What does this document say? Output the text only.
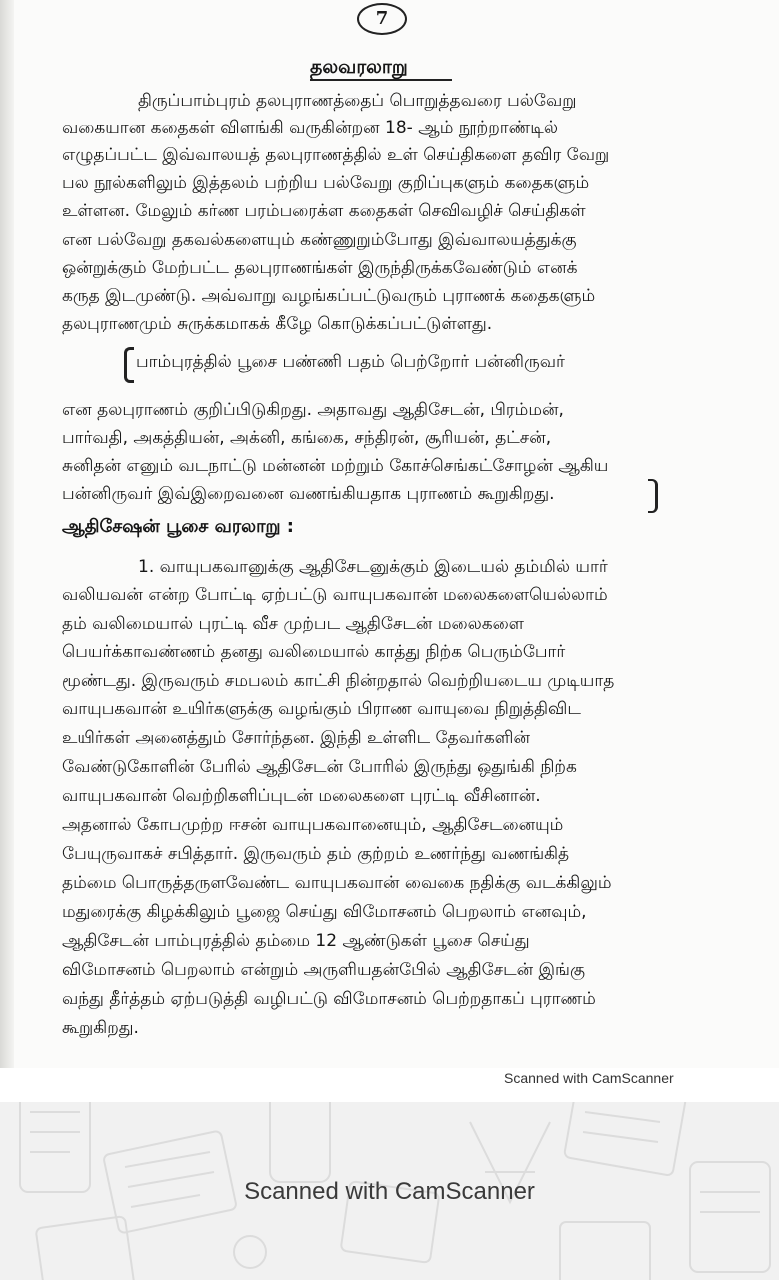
7
தலவரலாறு
திருப்பாம்புரம் தலபுராணத்தைப் பொறுத்தவரை பல்வேறு
வகையான கதைகள் விளங்கி வருகின்றன 18- ஆம் நூற்றாண்டில்
எழுதப்பட்ட இவ்வாலயத் தலபுராணத்தில் உள் செய்திகளை தவிர வேறு
பல நூல்களிலும் இத்தலம் பற்றிய பல்வேறு குறிப்புகளும் கதைகளும்
உள்ளன. மேலும் கர்ண பரம்பரைக்ள கதைகள் செவிவழிச் செய்திகள்
என பல்வேறு தகவல்களையும் கண்ணுறும்போது இவ்வாலயத்துக்கு
ஒன்றுக்கும் மேற்பட்ட தலபுராணங்கள் இருந்திருக்கவேண்டும் எனக்
கருத இடமுண்டு. அவ்வாறு வழங்கப்பட்டுவரும் புராணக் கதைகளும்
தலபுராணமும் சுருக்கமாகக் கீழே கொடுக்கப்பட்டுள்ளது.
பாம்புரத்தில் பூசை பண்ணி பதம் பெற்றோர் பன்னிருவர்
என தலபுராணம் குறிப்பிடுகிறது. அதாவது ஆதிசேடன், பிரம்மன்,
பார்வதி, அகத்தியன், அக்னி, கங்கை, சந்திரன், சூரியன், தட்சன்,
சுனிதன் எனும் வடநாட்டு மன்னன் மற்றும் கோச்செங்கட்சோழன் ஆகிய
பன்னிருவர் இவ்இறைவனை வணங்கியதாக புராணம் கூறுகிறது.
ஆதிசேஷன் பூசை வரலாறு :
1. வாயுபகவானுக்கு ஆதிசேடனுக்கும் இடையல் தம்மில் யார்
வலியவன் என்ற போட்டி ஏற்பட்டு வாயுபகவான் மலைகளையெல்லாம்
தம் வலிமையால் புரட்டி வீச முற்பட ஆதிசேடன் மலைகளை
பெயர்க்காவண்ணம் தனது வலிமையால் காத்து நிற்க பெரும்போர்
மூண்டது. இருவரும் சமபலம் காட்சி நின்றதால் வெற்றியடைய முடியாத
வாயுபகவான் உயிர்களுக்கு வழங்கும் பிராண வாயுவை நிறுத்திவிட
உயிர்கள் அனைத்தும் சோர்ந்தன. இந்தி உள்ளிட தேவர்களின்
வேண்டுகோளின் பேரில் ஆதிசேடன் போரில் இருந்து ஒதுங்கி நிற்க
வாயுபகவான் வெற்றிகளிப்புடன் மலைகளை புரட்டி வீசினான்.
அதனால் கோபமுற்ற ஈசன் வாயுபகவானையும், ஆதிசேடனையும்
பேயுருவாகச் சபித்தார். இருவரும் தம் குற்றம் உணர்ந்து வணங்கித்
தம்மை பொருத்தருளவேண்ட வாயுபகவான் வைகை நதிக்கு வடக்கிலும்
மதுரைக்கு கிழக்கிலும் பூஜை செய்து விமோசனம் பெறலாம் எனவும்,
ஆதிசேடன் பாம்புரத்தில் தம்மை 12 ஆண்டுகள் பூசை செய்து
விமோசனம் பெறலாம் என்றும் அருளியதன்பேில் ஆதிசேடன் இங்கு
வந்து தீர்த்தம் ஏற்படுத்தி வழிபட்டு விமோசனம் பெற்றதாகப் புராணம்
கூறுகிறது.
Scanned with CamScanner
Scanned with CamScanner
